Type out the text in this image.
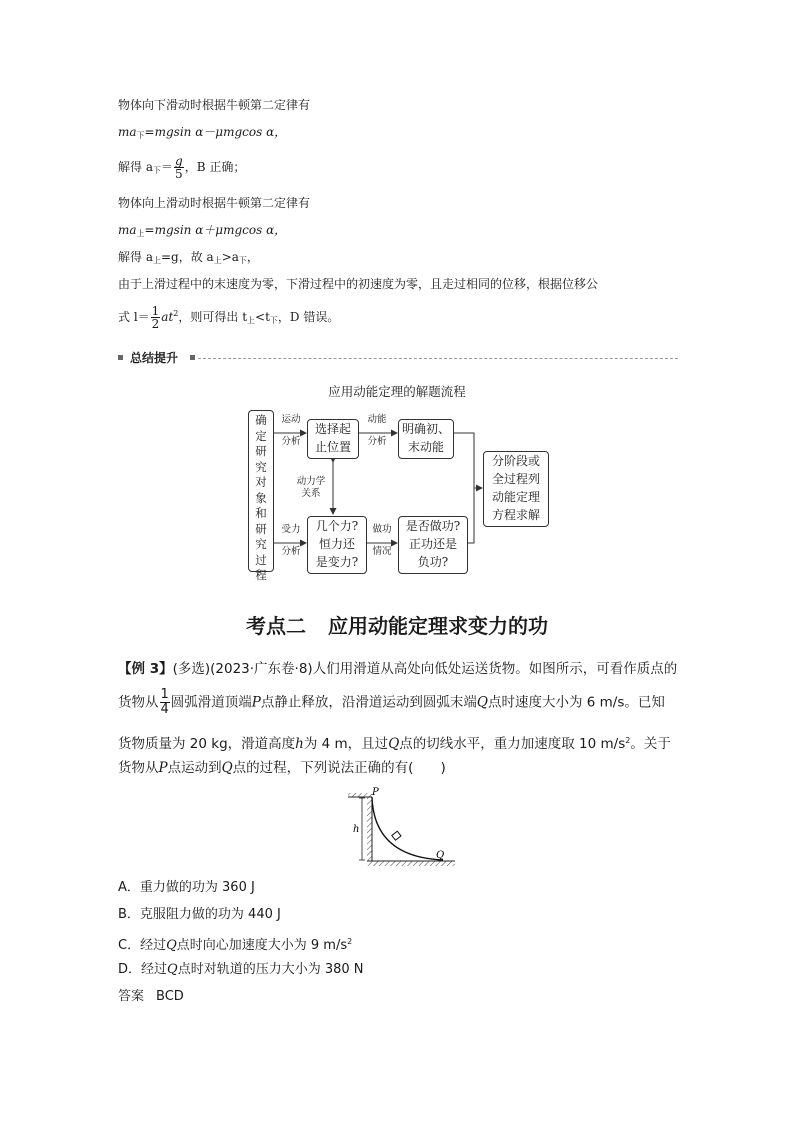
物体向下滑动时根据牛顿第二定律有
$ma_下=mgsin$ α－μmgcos α，
解得 $a_下= \frac{g}{5}$ ，B 正确；
物体向上滑动时根据牛顿第二定律有
$ma_上=mgsin$ α＋μmgcos α，
解得 $a_上=g$，故 $a_上>a_下$，
由于上滑过程中的末速度为零，下滑过程中的初速度为零，且走过相同的位移，根据位移公
式 $l= \frac{1}{2} at^2$，则可得出 $t_上<t_下$，D 错误。
总结提升
应用动能定理的解题流程
确
定
研
究
对
象
和
研
究
过
程
运动
分析
选择起
止位置
动能
分析
明确初、
末动能
动力学
关系
受力
分析
几个力?
恒力还
是变力?
做功
情况
是否做功?
正功还是
负功?
分阶段或
全过程列
动能定理
方程求解
考点二 应用动能定理求变力的功
【例 3】(多选)(2023·广东卷·8)人们用滑道从高处向低处运送货物。如图所示，可看作质点的
货物从 $\frac{1}{4}$ 圆弧滑道顶端P点静止释放，沿滑道运动到圆弧末端Q点时速度大小为 6 m/s。已知
货物质量为 20 kg，滑道高度h为 4 m，且过Q点的切线水平，重力加速度取 10 $m/s^2$。关于
货物从P点运动到Q点的过程，下列说法正确的有(　　)
h
P
Q
A．重力做的功为 360 J
B．克服阻力做的功为 440 J
C．经过Q点时向心加速度大小为 9 $m/s^2$
D．经过Q点时对轨道的压力大小为 380 N
答案 BCD
